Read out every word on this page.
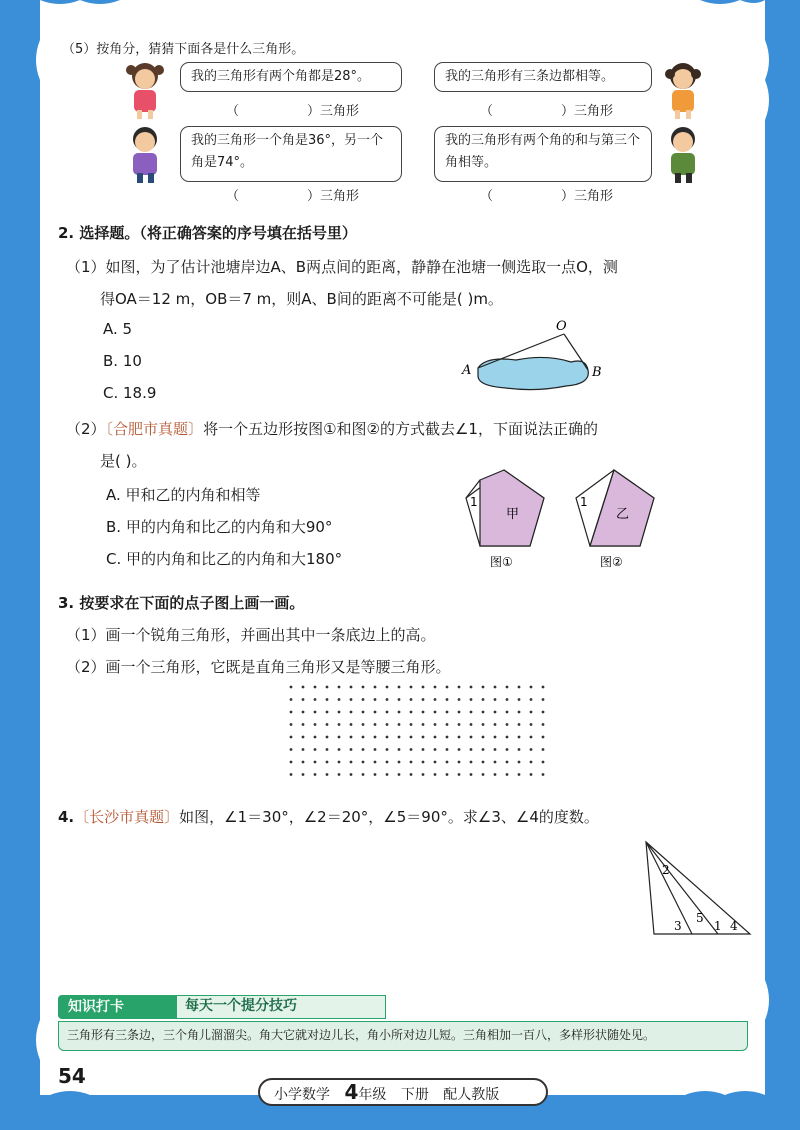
（5）按角分，猜猜下面各是什么三角形。
我的三角形有两个角都是28°。	我的三角形有三条边都相等。
我的三角形一个角是36°，另一个角是74°。
我的三角形有两个角的和与第三个角相等。
（	）三角形	（	）三角形
（	）三角形	（	）三角形
2. 选择题。（将正确答案的序号填在括号里）
（1）如图，为了估计池塘岸边A、B两点间的距离，静静在池塘一侧选取一点O，测
得OA＝12 m，OB＝7 m，则A、B间的距离不可能是( )m。
A. 5
B. 10
C. 18.9
O
A	B
（2）〔合肥市真题〕将一个五边形按图①和图②的方式截去∠1，下面说法正确的
是( )。
A. 甲和乙的内角和相等
B. 甲的内角和比乙的内角和大90°
C. 甲的内角和比乙的内角和大180°
1
甲
图①
1
乙
图②
3. 按要求在下面的点子图上画一画。
（1）画一个锐角三角形，并画出其中一条底边上的高。
（2）画一个三角形，它既是直角三角形又是等腰三角形。
4.〔长沙市真题〕如图，∠1＝30°，∠2＝20°，∠5＝90°。求∠3、∠4的度数。
2
3
5
1 4
知识打卡	每天一个提分技巧
三角形有三条边，三个角儿溜溜尖。角大它就对边儿长，角小所对边儿短。三角相加一百八，多样形状随处见。
54
小学数学 4年级 下册 配人教版
